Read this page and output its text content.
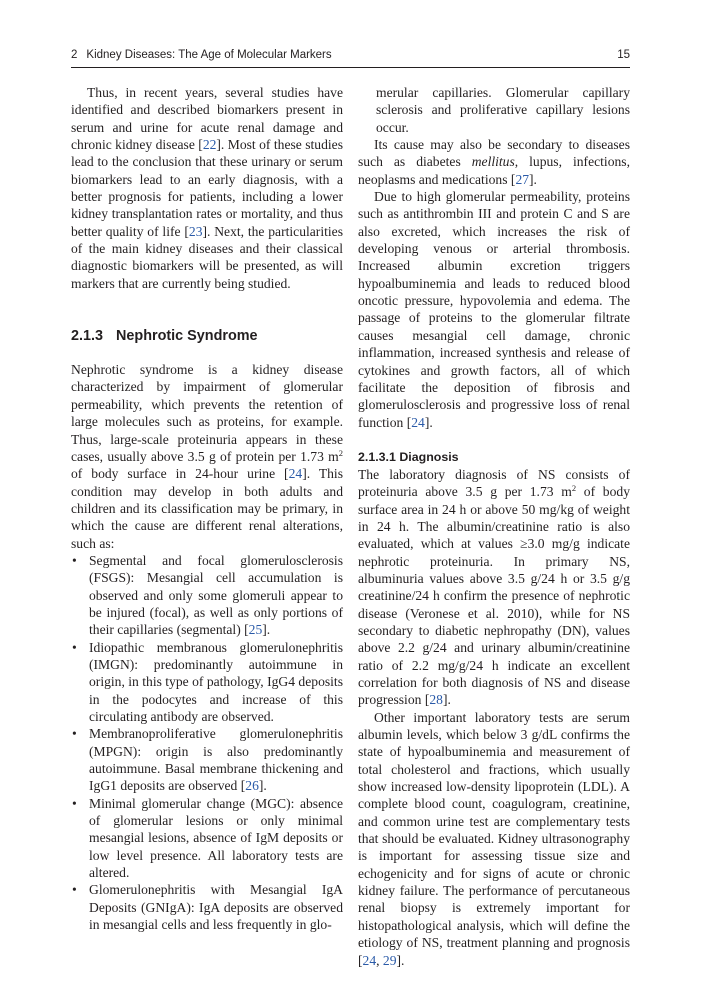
2 Kidney Diseases: The Age of Molecular Markers	15

Thus, in recent years, several studies have identified and described biomarkers present in serum and urine for acute renal damage and chronic kidney disease [22]. Most of these studies lead to the conclusion that these urinary or serum biomarkers lead to an early diagnosis, with a better prognosis for patients, including a lower kidney transplantation rates or mortality, and thus better quality of life [23]. Next, the particularities of the main kidney diseases and their classical diagnostic biomarkers will be presented, as will markers that are currently being studied.

2.1.3 Nephrotic Syndrome

Nephrotic syndrome is a kidney disease characterized by impairment of glomerular permeability, which prevents the retention of large molecules such as proteins, for example. Thus, large-scale proteinuria appears in these cases, usually above 3.5 g of protein per 1.73 $m^2$ of body surface in 24-hour urine [24]. This condition may develop in both adults and children and its classification may be primary, in which the cause are different renal alterations, such as:

• Segmental and focal glomerulosclerosis (FSGS): Mesangial cell accumulation is observed and only some glomeruli appear to be injured (focal), as well as only portions of their capillaries (segmental) [25].
• Idiopathic membranous glomerulonephritis (IMGN): predominantly autoimmune in origin, in this type of pathology, IgG4 deposits in the podocytes and increase of this circulating antibody are observed.
• Membranoproliferative glomerulonephritis (MPGN): origin is also predominantly autoimmune. Basal membrane thickening and IgG1 deposits are observed [26].
• Minimal glomerular change (MGC): absence of glomerular lesions or only minimal mesangial lesions, absence of IgM deposits or low level presence. All laboratory tests are altered.
• Glomerulonephritis with Mesangial IgA Deposits (GNIgA): IgA deposits are observed in mesangial cells and less frequently in glo-

merular capillaries. Glomerular capillary sclerosis and proliferative capillary lesions occur.

Its cause may also be secondary to diseases such as diabetes mellitus, lupus, infections, neoplasms and medications [27].

Due to high glomerular permeability, proteins such as antithrombin III and protein C and S are also excreted, which increases the risk of developing venous or arterial thrombosis. Increased albumin excretion triggers hypoalbuminemia and leads to reduced blood oncotic pressure, hypovolemia and edema. The passage of proteins to the glomerular filtrate causes mesangial cell damage, chronic inflammation, increased synthesis and release of cytokines and growth factors, all of which facilitate the deposition of fibrosis and glomerulosclerosis and progressive loss of renal function [24].

2.1.3.1 Diagnosis

The laboratory diagnosis of NS consists of proteinuria above 3.5 g per 1.73 $m^2$ of body surface area in 24 h or above 50 mg/kg of weight in 24 h. The albumin/creatinine ratio is also evaluated, which at values ≥3.0 mg/g indicate nephrotic proteinuria. In primary NS, albuminuria values above 3.5 g/24 h or 3.5 g/g creatinine/24 h confirm the presence of nephrotic disease (Veronese et al. 2010), while for NS secondary to diabetic nephropathy (DN), values above 2.2 g/24 and urinary albumin/creatinine ratio of 2.2 mg/g/24 h indicate an excellent correlation for both diagnosis of NS and disease progression [28].

Other important laboratory tests are serum albumin levels, which below 3 g/dL confirms the state of hypoalbuminemia and measurement of total cholesterol and fractions, which usually show increased low-density lipoprotein (LDL). A complete blood count, coagulogram, creatinine, and common urine test are complementary tests that should be evaluated. Kidney ultrasonography is important for assessing tissue size and echogenicity and for signs of acute or chronic kidney failure. The performance of percutaneous renal biopsy is extremely important for histopathological analysis, which will define the etiology of NS, treatment planning and prognosis [24, 29].
